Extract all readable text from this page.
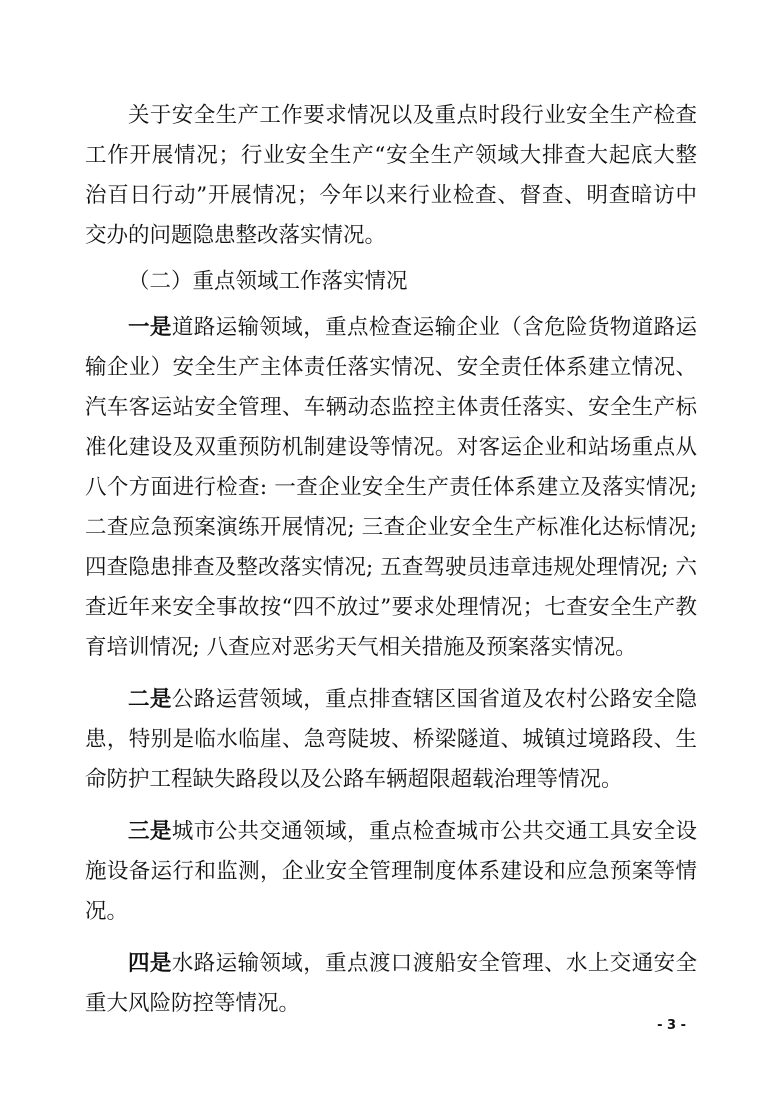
关于安全生产工作要求情况以及重点时段行业安全生产检查工作开展情况；行业安全生产“安全生产领域大排查大起底大整治百日行动”开展情况；今年以来行业检查、督查、明查暗访中交办的问题隐患整改落实情况。

（二）重点领域工作落实情况

一是道路运输领域，重点检查运输企业（含危险货物道路运输企业）安全生产主体责任落实情况、安全责任体系建立情况、汽车客运站安全管理、车辆动态监控主体责任落实、安全生产标准化建设及双重预防机制建设等情况。对客运企业和站场重点从八个方面进行检查: 一查企业安全生产责任体系建立及落实情况; 二查应急预案演练开展情况; 三查企业安全生产标准化达标情况; 四查隐患排查及整改落实情况; 五查驾驶员违章违规处理情况; 六查近年来安全事故按“四不放过”要求处理情况；七查安全生产教育培训情况; 八查应对恶劣天气相关措施及预案落实情况。

二是公路运营领域，重点排查辖区国省道及农村公路安全隐患，特别是临水临崖、急弯陡坡、桥梁隧道、城镇过境路段、生命防护工程缺失路段以及公路车辆超限超载治理等情况。

三是城市公共交通领域，重点检查城市公共交通工具安全设施设备运行和监测，企业安全管理制度体系建设和应急预案等情况。

四是水路运输领域，重点渡口渡船安全管理、水上交通安全重大风险防控等情况。

- 3 -
